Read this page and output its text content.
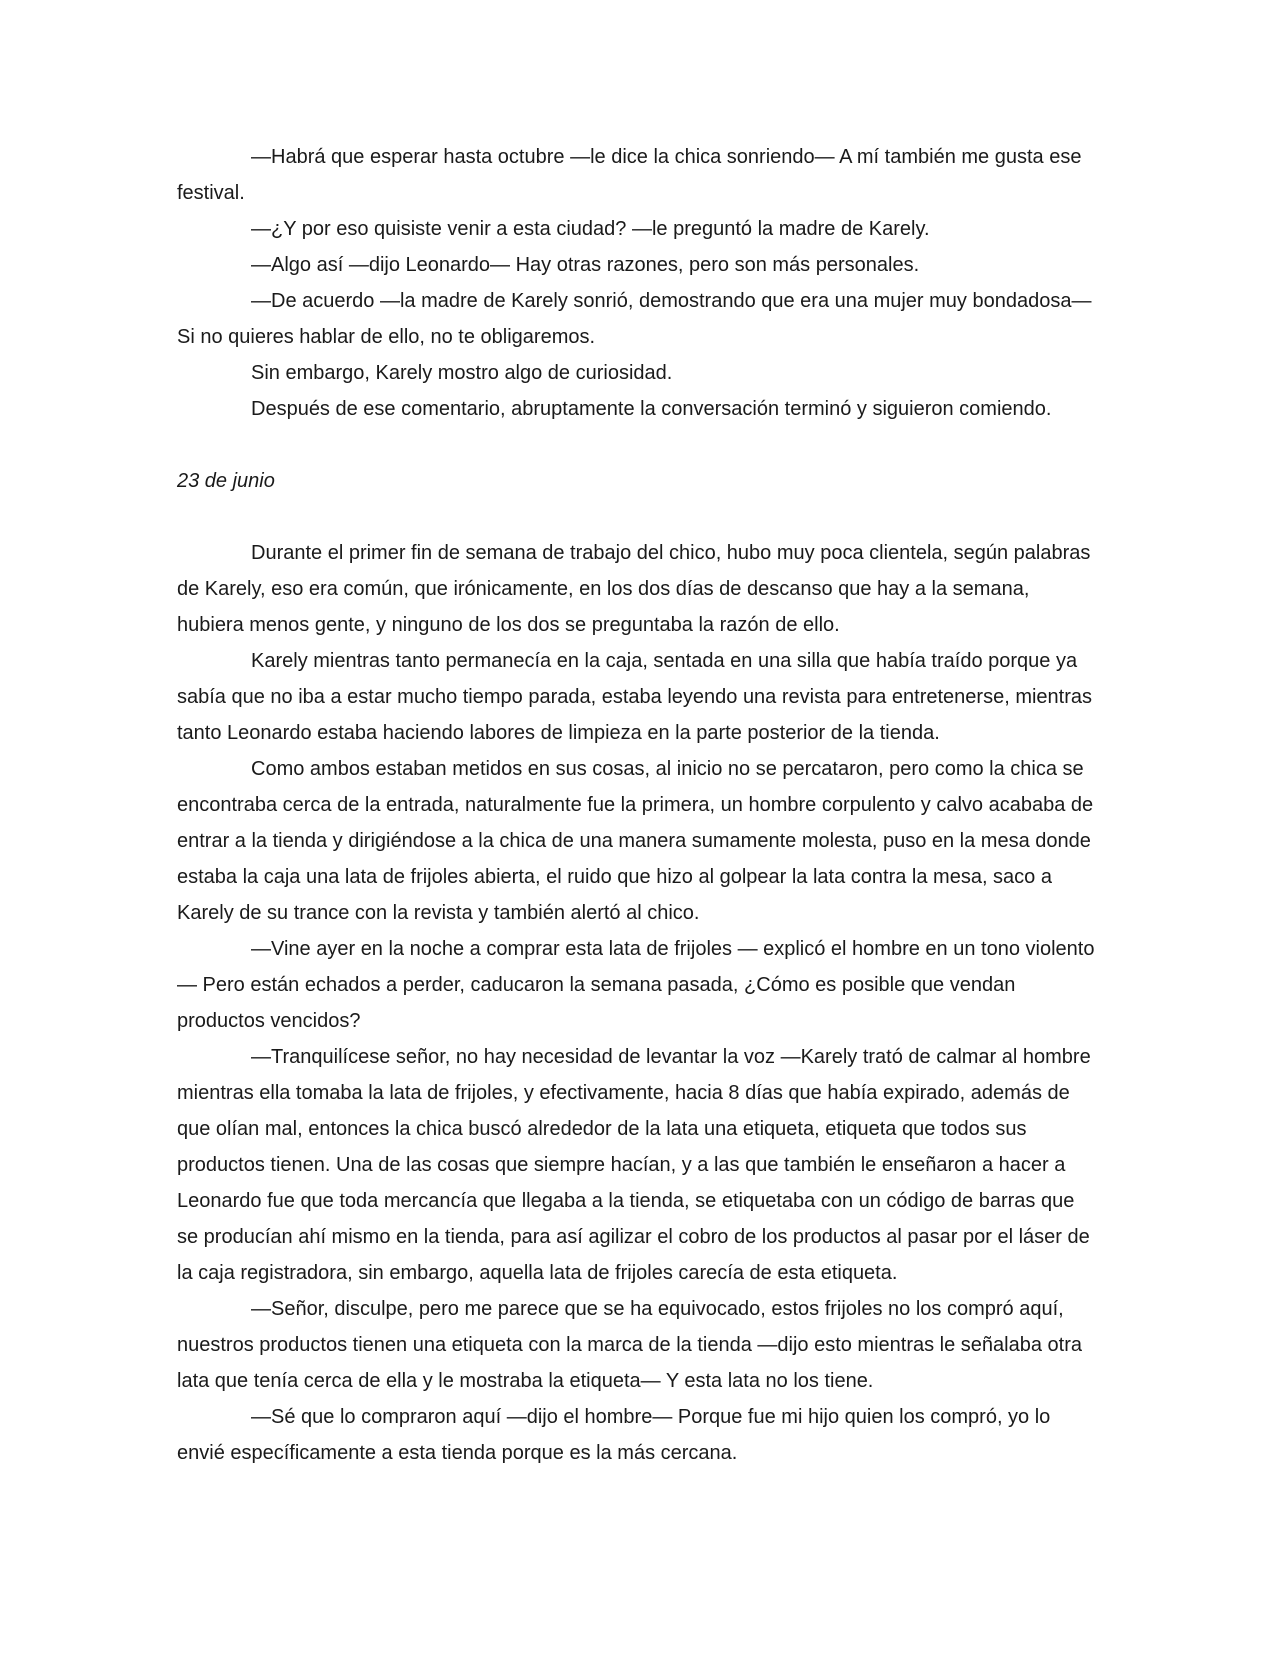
—Habrá que esperar hasta octubre —le dice la chica sonriendo— A mí también me gusta ese festival.

—¿Y por eso quisiste venir a esta ciudad? —le preguntó la madre de Karely.

—Algo así —dijo Leonardo— Hay otras razones, pero son más personales.

—De acuerdo —la madre de Karely sonrió, demostrando que era una mujer muy bondadosa— Si no quieres hablar de ello, no te obligaremos.

Sin embargo, Karely mostro algo de curiosidad.

Después de ese comentario, abruptamente la conversación terminó y siguieron comiendo.

23 de junio

Durante el primer fin de semana de trabajo del chico, hubo muy poca clientela, según palabras de Karely, eso era común, que irónicamente, en los dos días de descanso que hay a la semana, hubiera menos gente, y ninguno de los dos se preguntaba la razón de ello.

Karely mientras tanto permanecía en la caja, sentada en una silla que había traído porque ya sabía que no iba a estar mucho tiempo parada, estaba leyendo una revista para entretenerse, mientras tanto Leonardo estaba haciendo labores de limpieza en la parte posterior de la tienda.

Como ambos estaban metidos en sus cosas, al inicio no se percataron, pero como la chica se encontraba cerca de la entrada, naturalmente fue la primera, un hombre corpulento y calvo acababa de entrar a la tienda y dirigiéndose a la chica de una manera sumamente molesta, puso en la mesa donde estaba la caja una lata de frijoles abierta, el ruido que hizo al golpear la lata contra la mesa, saco a Karely de su trance con la revista y también alertó al chico.

—Vine ayer en la noche a comprar esta lata de frijoles — explicó el hombre en un tono violento— Pero están echados a perder, caducaron la semana pasada, ¿Cómo es posible que vendan productos vencidos?

—Tranquilícese señor, no hay necesidad de levantar la voz —Karely trató de calmar al hombre mientras ella tomaba la lata de frijoles, y efectivamente, hacia 8 días que había expirado, además de que olían mal, entonces la chica buscó alrededor de la lata una etiqueta, etiqueta que todos sus productos tienen. Una de las cosas que siempre hacían, y a las que también le enseñaron a hacer a Leonardo fue que toda mercancía que llegaba a la tienda, se etiquetaba con un código de barras que se producían ahí mismo en la tienda, para así agilizar el cobro de los productos al pasar por el láser de la caja registradora, sin embargo, aquella lata de frijoles carecía de esta etiqueta.

—Señor, disculpe, pero me parece que se ha equivocado, estos frijoles no los compró aquí, nuestros productos tienen una etiqueta con la marca de la tienda —dijo esto mientras le señalaba otra lata que tenía cerca de ella y le mostraba la etiqueta— Y esta lata no los tiene.

—Sé que lo compraron aquí —dijo el hombre— Porque fue mi hijo quien los compró, yo lo envié específicamente a esta tienda porque es la más cercana.
